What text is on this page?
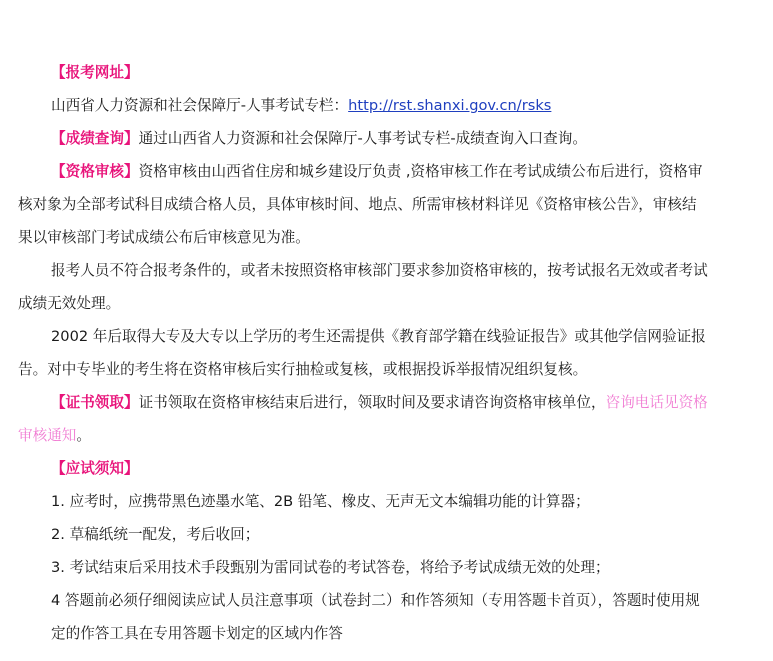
【报考网址】

山西省人力资源和社会保障厅-人事考试专栏：http://rst.shanxi.gov.cn/rsks

【成绩查询】通过山西省人力资源和社会保障厅-人事考试专栏-成绩查询入口查询。

【资格审核】资格审核由山西省住房和城乡建设厅负责 ,资格审核工作在考试成绩公布后进行，资格审核对象为全部考试科目成绩合格人员，具体审核时间、地点、所需审核材料详见《资格审核公告》，审核结果以审核部门考试成绩公布后审核意见为准。

报考人员不符合报考条件的，或者未按照资格审核部门要求参加资格审核的，按考试报名无效或者考试成绩无效处理。

2002 年后取得大专及大专以上学历的考生还需提供《教育部学籍在线验证报告》或其他学信网验证报告。对中专毕业的考生将在资格审核后实行抽检或复核，或根据投诉举报情况组织复核。

【证书领取】证书领取在资格审核结束后进行，领取时间及要求请咨询资格审核单位，咨询电话见资格审核通知。

【应试须知】

1. 应考时，应携带黑色迹墨水笔、2B 铅笔、橡皮、无声无文本编辑功能的计算器；

2. 草稿纸统一配发，考后收回；

3. 考试结束后采用技术手段甄别为雷同试卷的考试答卷，将给予考试成绩无效的处理；

4 答题前必须仔细阅读应试人员注意事项（试卷封二）和作答须知（专用答题卡首页），答题时使用规定的作答工具在专用答题卡划定的区域内作答
